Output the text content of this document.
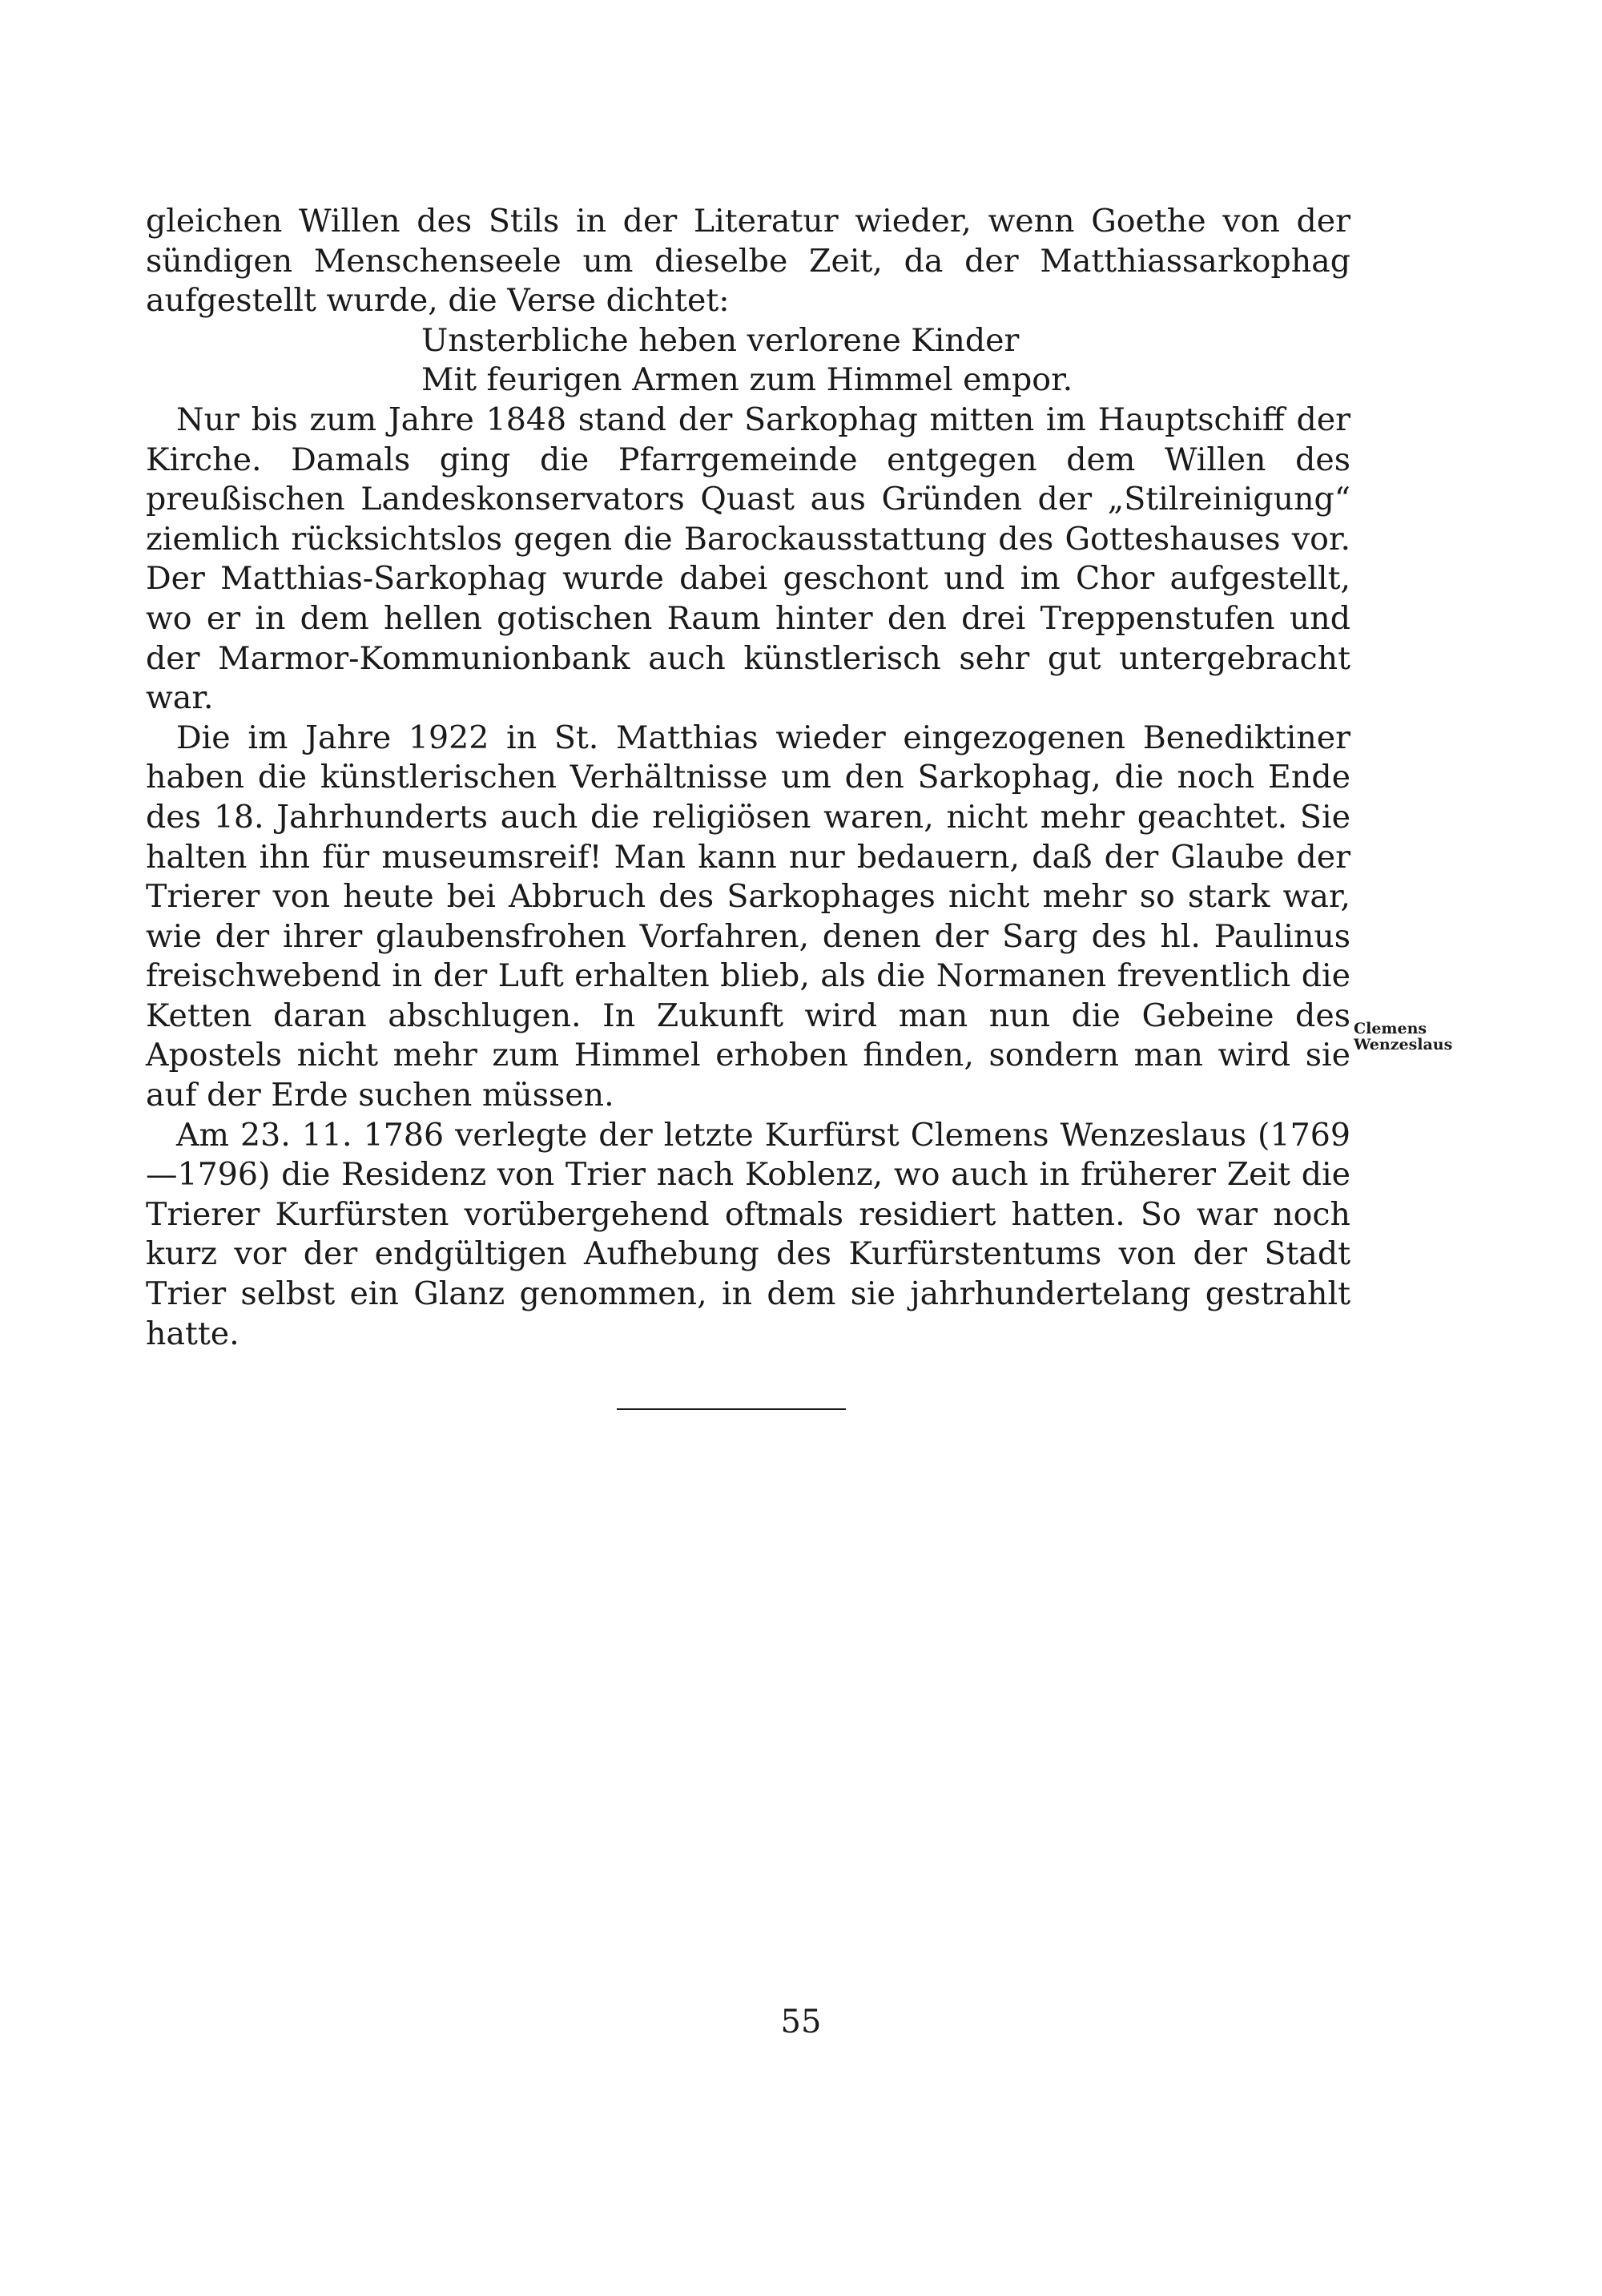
gleichen Willen des Stils in der Literatur wieder, wenn Goethe von der sündigen Menschenseele um dieselbe Zeit, da der Matthiassarkophag aufgestellt wurde, die Verse dichtet:

Unsterbliche heben verlorene Kinder
Mit feurigen Armen zum Himmel empor.

Nur bis zum Jahre 1848 stand der Sarkophag mitten im Hauptschiff der Kirche. Damals ging die Pfarrgemeinde entgegen dem Willen des preußischen Landeskonservators Quast aus Gründen der „Stilreinigung“ ziemlich rücksichtslos gegen die Barockausstattung des Gotteshauses vor. Der Matthias-Sarkophag wurde dabei geschont und im Chor aufgestellt, wo er in dem hellen gotischen Raum hinter den drei Treppenstufen und der Marmor-Kommunionbank auch künstlerisch sehr gut untergebracht war.

Die im Jahre 1922 in St. Matthias wieder eingezogenen Benediktiner haben die künstlerischen Verhältnisse um den Sarkophag, die noch Ende des 18. Jahrhunderts auch die religiösen waren, nicht mehr geachtet. Sie halten ihn für museumsreif! Man kann nur bedauern, daß der Glaube der Trierer von heute bei Abbruch des Sarkophages nicht mehr so stark war, wie der ihrer glaubensfrohen Vorfahren, denen der Sarg des hl. Paulinus freischwebend in der Luft erhalten blieb, als die Normanen freventlich die Ketten daran abschlugen. In Zukunft wird man nun die Gebeine des Apostels nicht mehr zum Himmel erhoben finden, sondern man wird sie auf der Erde suchen müssen.

Am 23. 11. 1786 verlegte der letzte Kurfürst Clemens Wenzeslaus (1769—1796) die Residenz von Trier nach Koblenz, wo auch in früherer Zeit die Trierer Kurfürsten vorübergehend oftmals residiert hatten. So war noch kurz vor der endgültigen Aufhebung des Kurfürstentums von der Stadt Trier selbst ein Glanz genommen, in dem sie jahrhundertelang gestrahlt hatte.

Clemens
Wenzeslaus
55
